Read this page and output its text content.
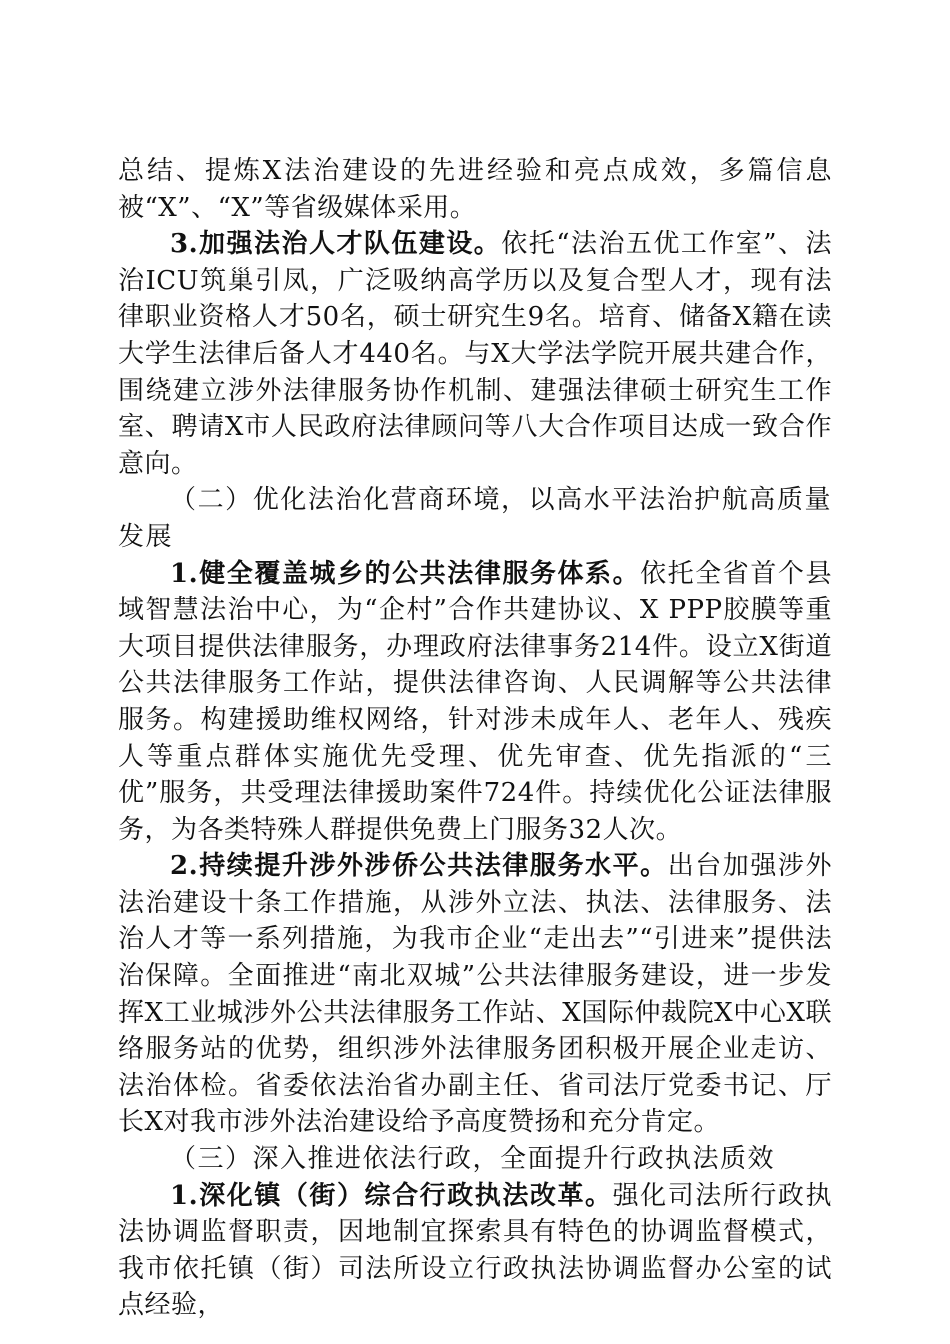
总结、提炼X法治建设的先进经验和亮点成效，多篇信息被“X”、“X”等省级媒体采用。

3.加强法治人才队伍建设。依托“法治五优工作室”、法治ICU筑巢引凤，广泛吸纳高学历以及复合型人才，现有法律职业资格人才50名，硕士研究生9名。培育、储备X籍在读大学生法律后备人才440名。与X大学法学院开展共建合作，围绕建立涉外法律服务协作机制、建强法律硕士研究生工作室、聘请X市人民政府法律顾问等八大合作项目达成一致合作意向。

（二）优化法治化营商环境，以高水平法治护航高质量发展

1.健全覆盖城乡的公共法律服务体系。依托全省首个县域智慧法治中心，为“企村”合作共建协议、X PPP胶膜等重大项目提供法律服务，办理政府法律事务214件。设立X街道公共法律服务工作站，提供法律咨询、人民调解等公共法律服务。构建援助维权网络，针对涉未成年人、老年人、残疾人等重点群体实施优先受理、优先审查、优先指派的“三优”服务，共受理法律援助案件724件。持续优化公证法律服务，为各类特殊人群提供免费上门服务32人次。

2.持续提升涉外涉侨公共法律服务水平。出台加强涉外法治建设十条工作措施，从涉外立法、执法、法律服务、法治人才等一系列措施，为我市企业“走出去”“引进来”提供法治保障。全面推进“南北双城”公共法律服务建设，进一步发挥X工业城涉外公共法律服务工作站、X国际仲裁院X中心X联络服务站的优势，组织涉外法律服务团积极开展企业走访、法治体检。省委依法治省办副主任、省司法厅党委书记、厅长X对我市涉外法治建设给予高度赞扬和充分肯定。

（三）深入推进依法行政，全面提升行政执法质效

1.深化镇（街）综合行政执法改革。强化司法所行政执法协调监督职责，因地制宜探索具有特色的协调监督模式，我市依托镇（街）司法所设立行政执法协调监督办公室的试点经验，
